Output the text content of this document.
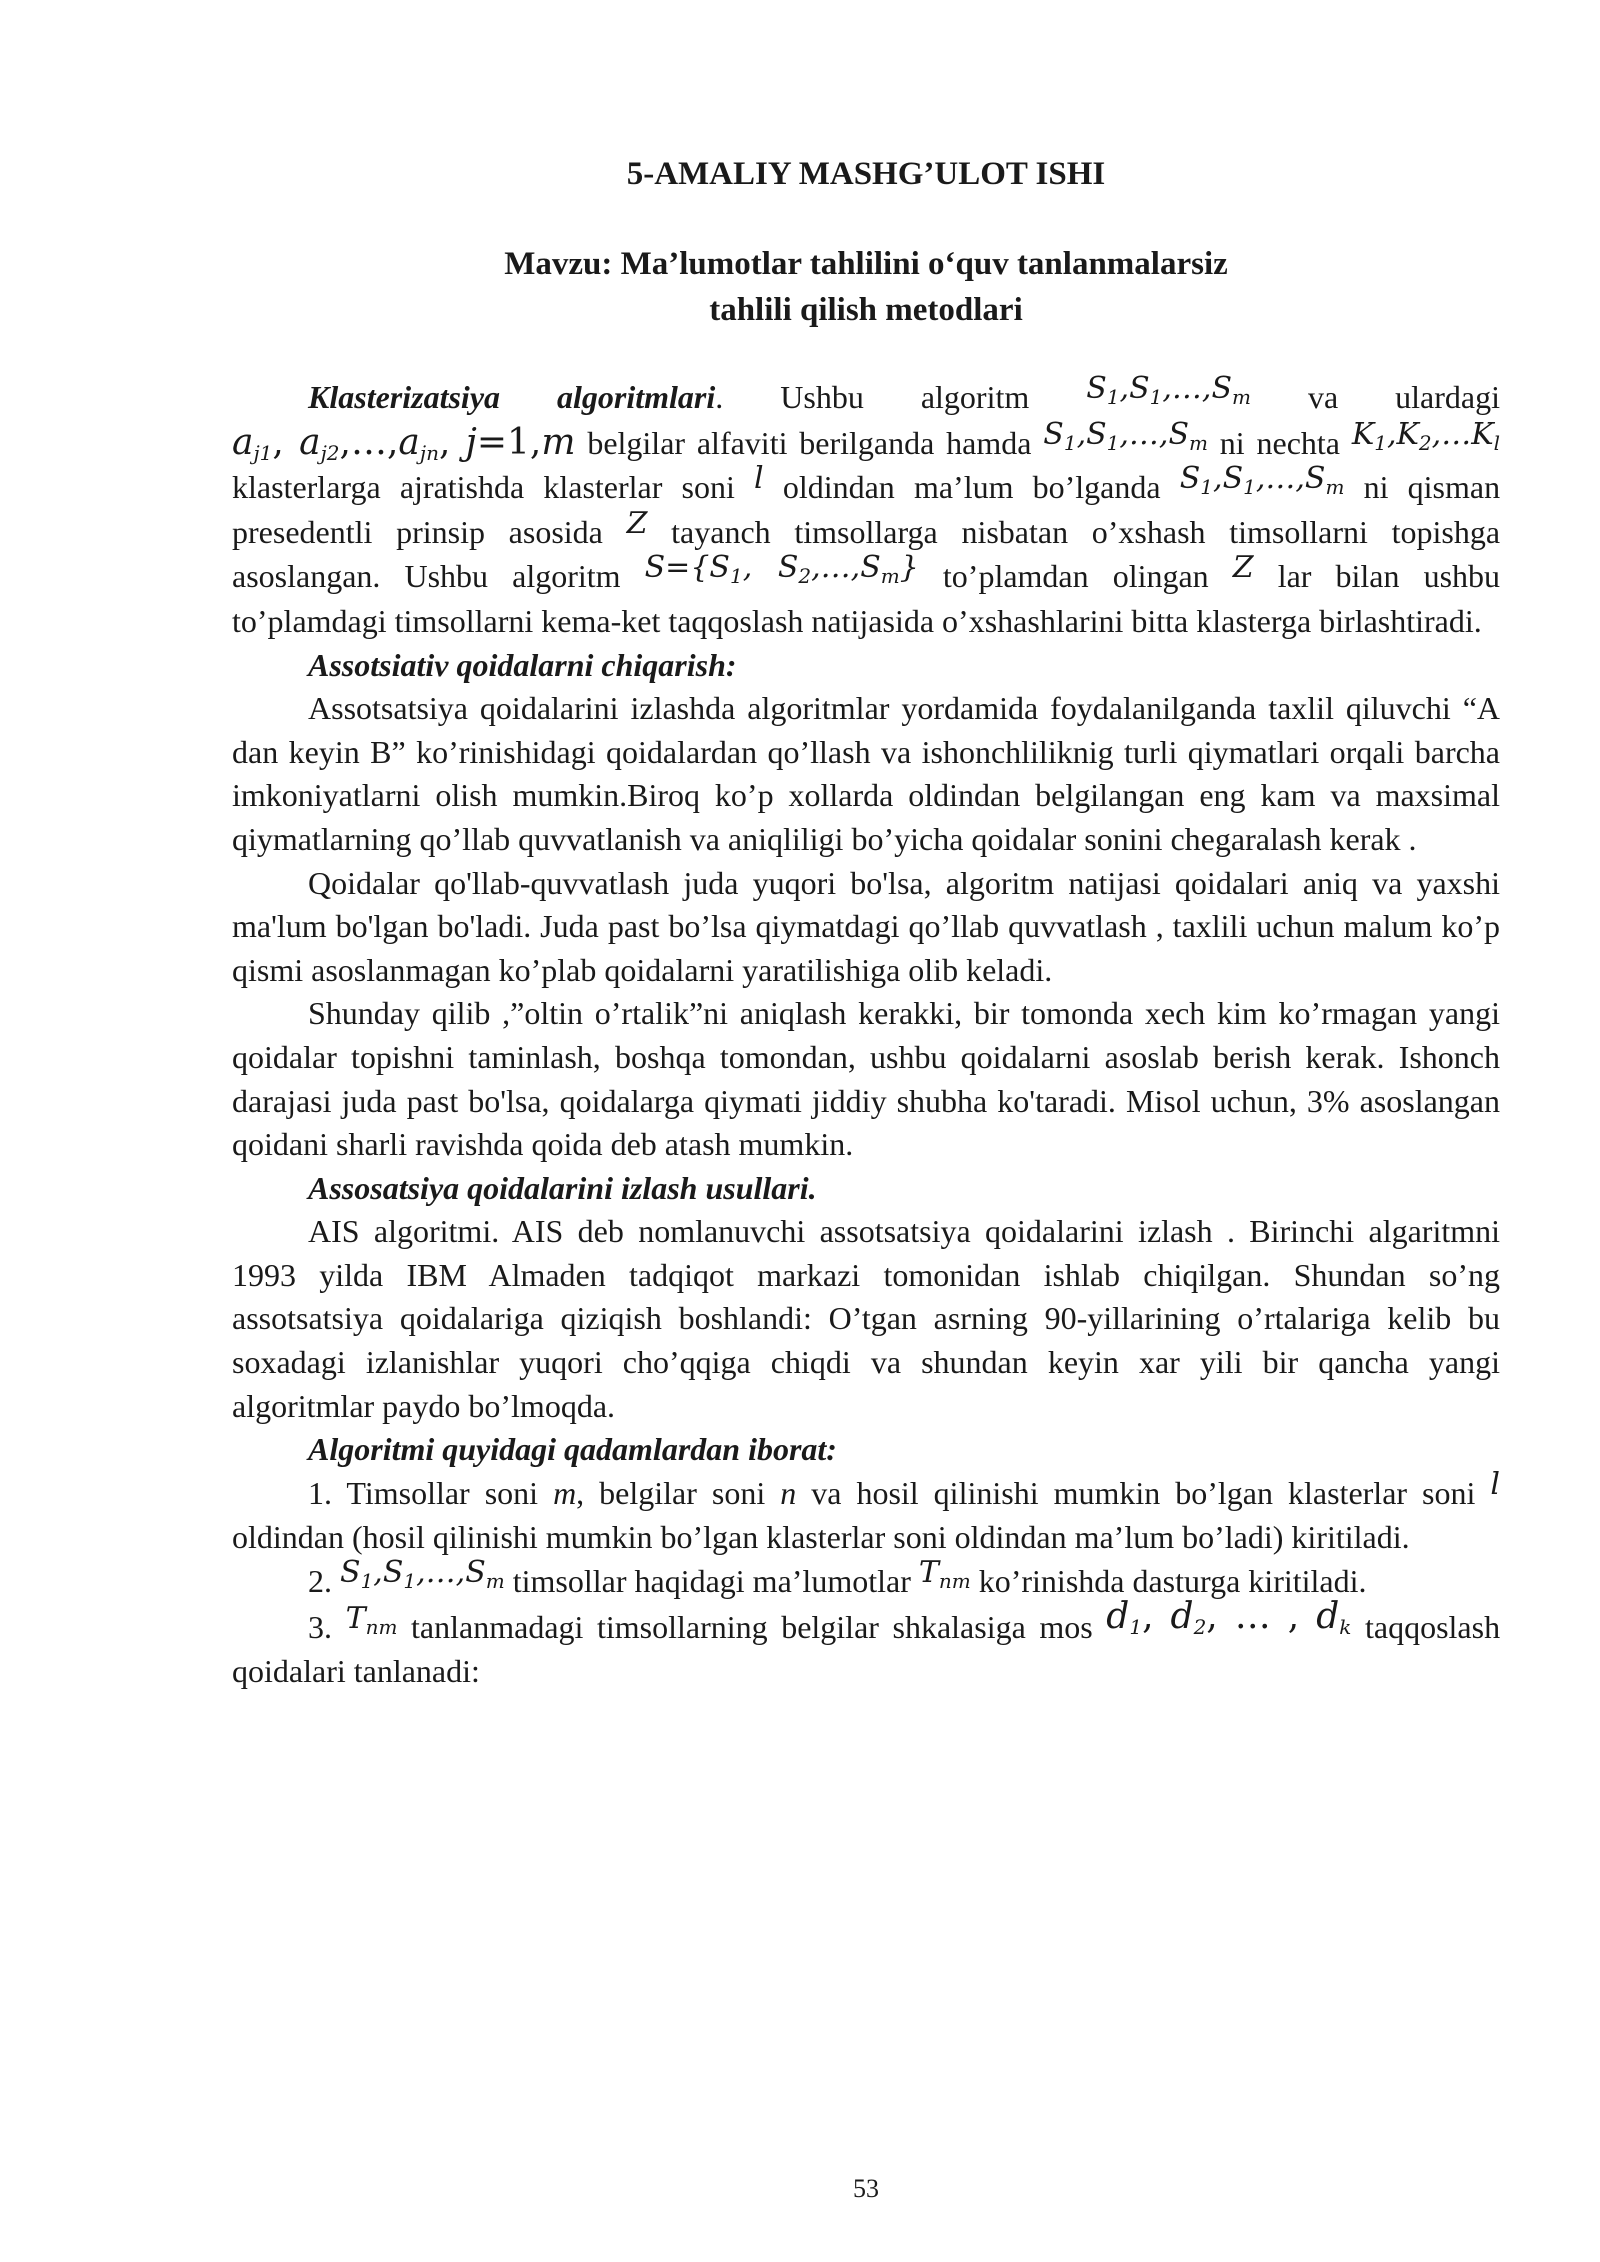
5-AMALIY MASHG’ULOT ISHI

Mavzu: Ma’lumotlar tahlilini o‘quv tanlanmalarsiz

tahlili qilish metodlari

Klasterizatsiya algoritmlari. Ushbu algoritm $S_1,S_1,\dots,S_m$ va ulardagi $a_{j1}$, $a_{j2},\dots,a_{jn}$, j=1,m belgilar alfaviti berilganda hamda $S_1,S_1,\dots,S_m$ ni nechta $K_1,K_2,\dots K_l$ klasterlarga ajratishda klasterlar soni l oldindan ma’lum bo’lganda $S_1,S_1,\dots,S_m$ ni qisman presedentli prinsip asosida Z tayanch timsollarga nisbatan o’xshash timsollarni topishga asoslangan. Ushbu algoritm $S=\{S_1$, $S_2,\dots,S_m$} to’plamdan olingan Z lar bilan ushbu to’plamdagi timsollarni kema-ket taqqoslash natijasida o’xshashlarini bitta klasterga birlashtiradi.

Assotsiativ qoidalarni chiqarish:

Assotsatsiya qoidalarini izlashda algoritmlar yordamida foydalanilganda taxlil qiluvchi “A dan keyin B” ko’rinishidagi qoidalardan qo’llash va ishonchliliknig turli qiymatlari orqali barcha imkoniyatlarni olish mumkin.Biroq ko’p xollarda oldindan belgilangan eng kam va maxsimal qiymatlarning qo’llab quvvatlanish va aniqliligi bo’yicha qoidalar sonini chegaralash kerak .

Qoidalar qo'llab-quvvatlash juda yuqori bo'lsa, algoritm natijasi qoidalari aniq va yaxshi ma'lum bo'lgan bo'ladi. Juda past bo’lsa qiymatdagi qo’llab quvvatlash , taxlili uchun malum ko’p qismi asoslanmagan ko’plab qoidalarni yaratilishiga olib keladi.

Shunday qilib ,”oltin o’rtalik”ni aniqlash kerakki, bir tomonda xech kim ko’rmagan yangi qoidalar topishni taminlash, boshqa tomondan, ushbu qoidalarni asoslab berish kerak. Ishonch darajasi juda past bo'lsa, qoidalarga qiymati jiddiy shubha ko'taradi. Misol uchun, 3% asoslangan qoidani sharli ravishda qoida deb atash mumkin.

Assosatsiya qoidalarini izlash usullari.

AIS algoritmi. AIS deb nomlanuvchi assotsatsiya qoidalarini izlash . Birinchi algaritmni 1993 yilda IBM Almaden tadqiqot markazi tomonidan ishlab chiqilgan. Shundan so’ng assotsatsiya qoidalariga qiziqish boshlandi: O’tgan asrning 90-yillarining o’rtalariga kelib bu soxadagi izlanishlar yuqori cho’qqiga chiqdi va shundan keyin xar yili bir qancha yangi algoritmlar paydo bo’lmoqda.

Algoritmi quyidagi qadamlardan iborat:

1. Timsollar soni m, belgilar soni n va hosil qilinishi mumkin bo’lgan klasterlar soni l oldindan (hosil qilinishi mumkin bo’lgan klasterlar soni oldindan ma’lum bo’ladi) kiritiladi.

2. $S_1,S_1,\dots,S_m$ timsollar haqidagi ma’lumotlar $T_{nm}$ ko’rinishda dasturga kiritiladi.

3. $T_{nm}$ tanlanmadagi timsollarning belgilar shkalasiga mos $d_1$, $d_2$, … , $d_k$ taqqoslash qoidalari tanlanadi:

53
